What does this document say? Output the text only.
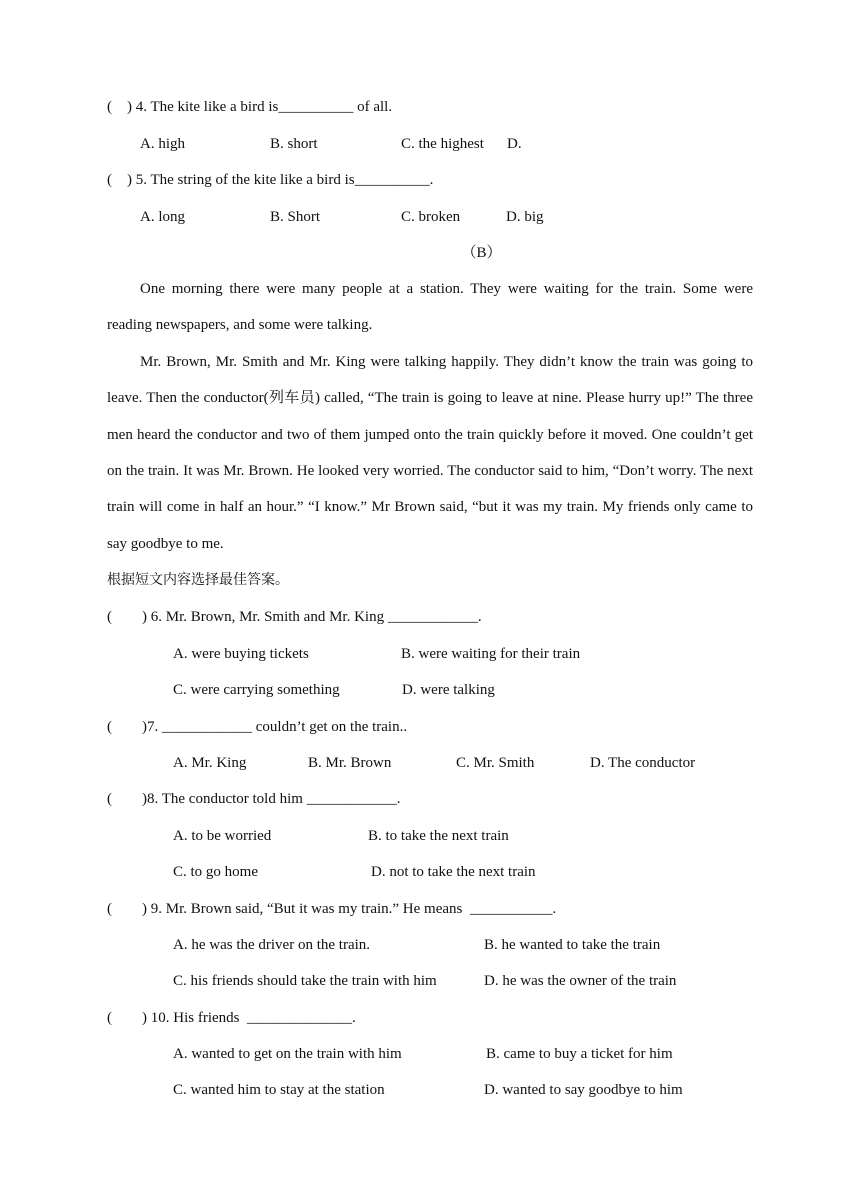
(    ) 4. The kite like a bird is__________ of all.
A. high	B. short	C. the highest D.
(    ) 5. The string of the kite like a bird is__________.
A. long	B. Short	C. broken	D. big
（B）

One morning there were many people at a station. They were waiting for the train. Some were reading newspapers, and some were talking.

Mr. Brown, Mr. Smith and Mr. King were talking happily. They didn’t know the train was going to leave. Then the conductor(列车员) called, “The train is going to leave at nine. Please hurry up!” The three men heard the conductor and two of them jumped onto the train quickly before it moved. One couldn’t get on the train. It was Mr. Brown. He looked very worried. The conductor said to him, “Don’t worry. The next train will come in half an hour.” “I know.” Mr Brown said, “but it was my train. My friends only came to say goodbye to me.

根据短文内容选择最佳答案。
(        ) 6. Mr. Brown, Mr. Smith and Mr. King ____________.
A. were buying tickets	B. were waiting for their train
C. were carrying something	D. were talking
(        )7. ____________ couldn’t get on the train..
A. Mr. King	B. Mr. Brown	C. Mr. Smith	D. The conductor
(        )8. The conductor told him ____________.
A. to be worried	B. to take the next train
C. to go home	D. not to take the next train
(        ) 9. Mr. Brown said, “But it was my train.” He means  ___________.
A. he was the driver on the train.	B. he wanted to take the train
C. his friends should take the train with him	D. he was the owner of the train
(        ) 10. His friends  ______________.
A. wanted to get on the train with him	B. came to buy a ticket for him
C. wanted him to stay at the station	D. wanted to say goodbye to him
